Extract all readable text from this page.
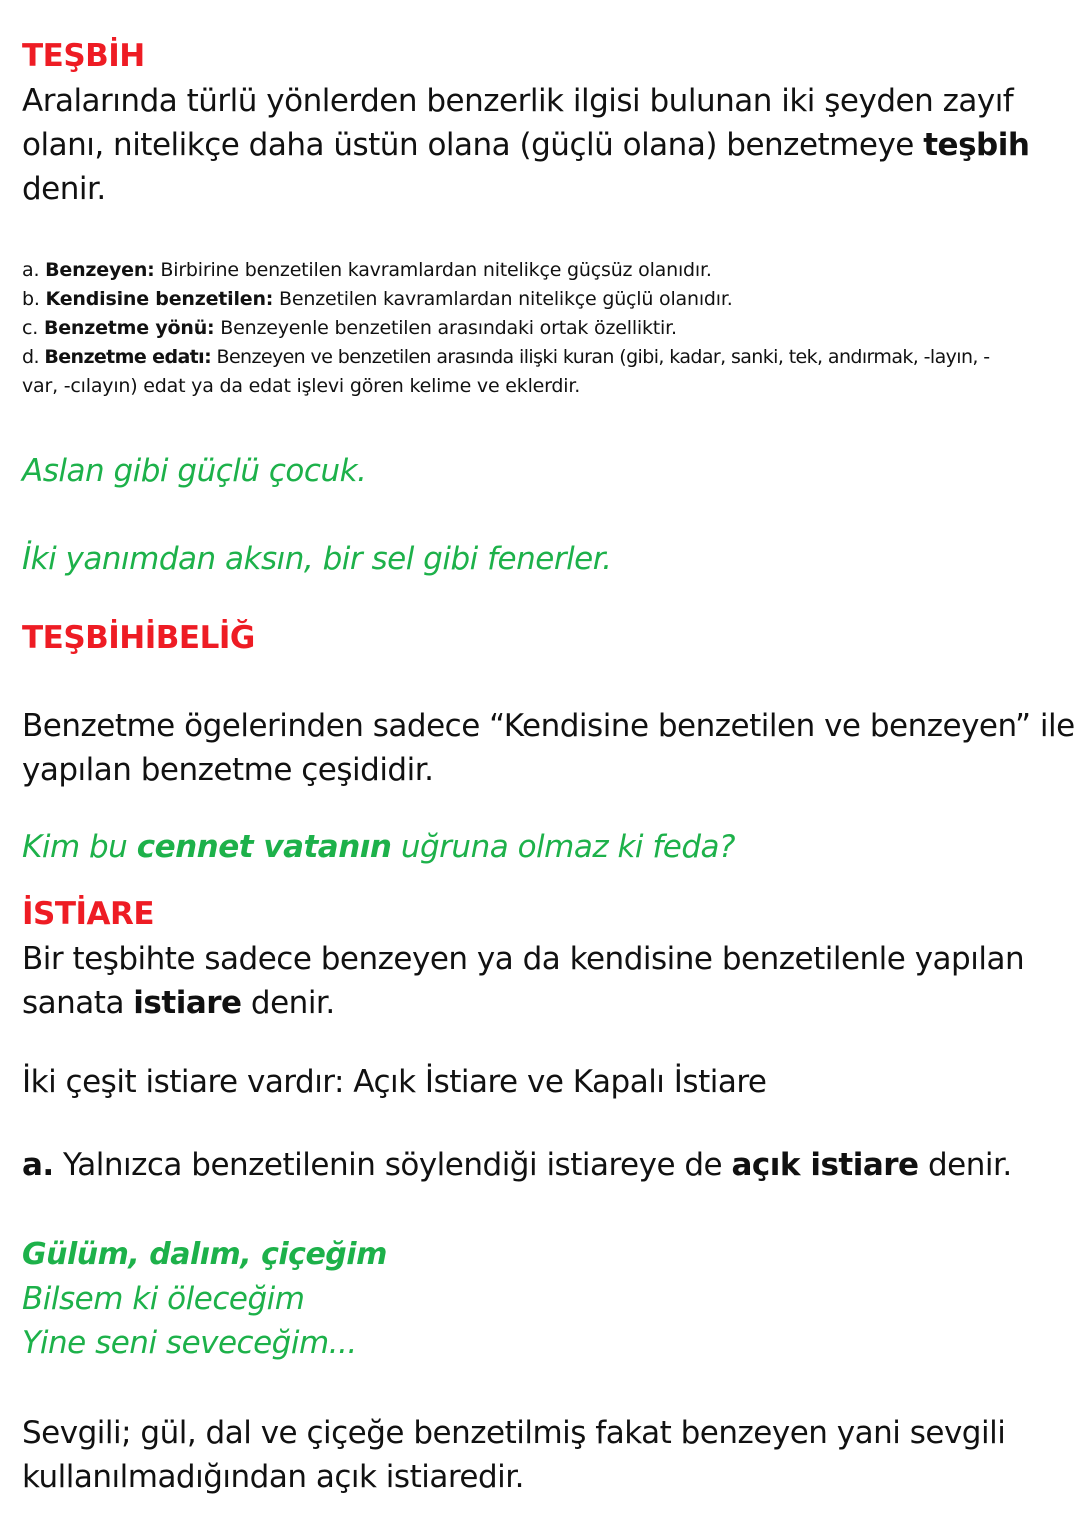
TEŞBİH
Aralarında türlü yönlerden benzerlik ilgisi bulunan iki şeyden zayıf
olanı, nitelikçe daha üstün olana (güçlü olana) benzetmeye teşbih
denir.
a. Benzeyen: Birbirine benzetilen kavramlardan nitelikçe güçsüz olanıdır.
b. Kendisine benzetilen: Benzetilen kavramlardan nitelikçe güçlü olanıdır.
c. Benzetme yönü: Benzeyenle benzetilen arasındaki ortak özelliktir.
d. Benzetme edatı: Benzeyen ve benzetilen arasında ilişki kuran (gibi, kadar, sanki, tek, andırmak, -layın, -
var, -cılayın) edat ya da edat işlevi gören kelime ve eklerdir.
Aslan gibi güçlü çocuk.
İki yanımdan aksın, bir sel gibi fenerler.
TEŞBİHİBELİĞ
Benzetme ögelerinden sadece “Kendisine benzetilen ve benzeyen” ile
yapılan benzetme çeşididir.
Kim bu cennet vatanın uğruna olmaz ki feda?
İSTİARE
Bir teşbihte sadece benzeyen ya da kendisine benzetilenle yapılan
sanata istiare denir.
İki çeşit istiare vardır: Açık İstiare ve Kapalı İstiare
a. Yalnızca benzetilenin söylendiği istiareye de açık istiare denir.
Gülüm, dalım, çiçeğim
Bilsem ki öleceğim
Yine seni seveceğim...
Sevgili; gül, dal ve çiçeğe benzetilmiş fakat benzeyen yani sevgili
kullanılmadığından açık istiaredir.
